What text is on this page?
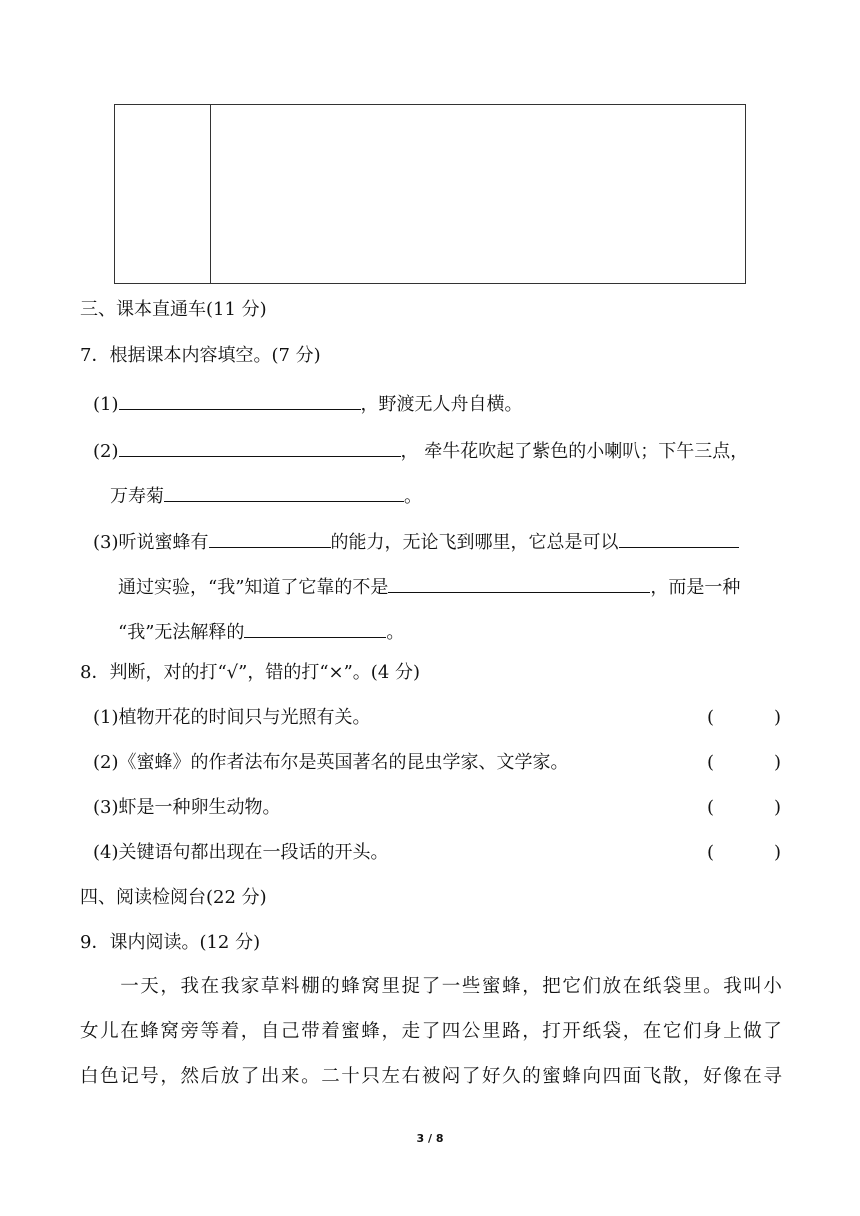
三、课本直通车(11 分)
7．根据课本内容填空。(7 分)
(1)	，野渡无人舟自横。
(2)	， 牵牛花吹起了紫色的小喇叭；下午三点，
万寿菊	。
(3)听说蜜蜂有	的能力，无论飞到哪里，它总是可以
通过实验，“我”知道了它靠的不是	，而是一种
“我”无法解释的	。
8．判断，对的打“√”，错的打“×”。(4 分)
(1)植物开花的时间只与光照有关。	(	)
(2)《蜜蜂》的作者法布尔是英国著名的昆虫学家、文学家。	(	)
(3)虾是一种卵生动物。	(	)
(4)关键语句都出现在一段话的开头。	(	)
四、阅读检阅台(22 分)
9．课内阅读。(12 分)
　　一天，我在我家草料棚的蜂窝里捉了一些蜜蜂，把它们放在纸袋里。我叫小
女儿在蜂窝旁等着，自己带着蜜蜂，走了四公里路，打开纸袋，在它们身上做了
白色记号，然后放了出来。二十只左右被闷了好久的蜜蜂向四面飞散，好像在寻
3 / 8
